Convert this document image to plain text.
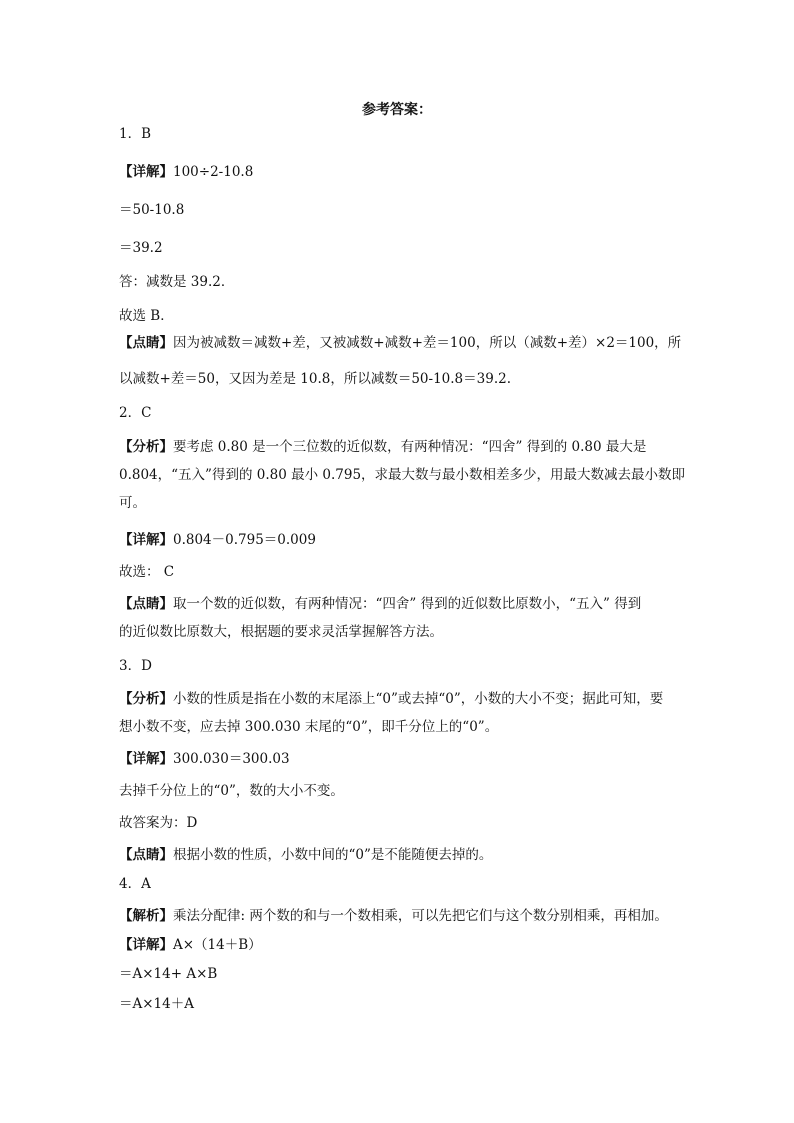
参考答案：
1．B
【详解】100÷2-10.8
＝50-10.8
＝39.2
答：减数是 39.2．
故选 B．
【点睛】因为被减数＝减数+差，又被减数+减数+差＝100，所以（减数+差）×2＝100，所
以减数+差＝50，又因为差是 10.8，所以减数＝50-10.8＝39.2.
2．C
【分析】要考虑 0.80 是一个三位数的近似数，有两种情况：“四舍” 得到的 0.80 最大是
0.804，“五入”得到的 0.80 最小 0.795，求最大数与最小数相差多少，用最大数减去最小数即
可。
【详解】0.804－0.795＝0.009
故选： C
【点睛】取一个数的近似数，有两种情况：“四舍” 得到的近似数比原数小，“五入” 得到
的近似数比原数大，根据题的要求灵活掌握解答方法。
3．D
【分析】小数的性质是指在小数的末尾添上“0”或去掉“0”，小数的大小不变；据此可知，要
想小数不变，应去掉 300.030 末尾的“0”，即千分位上的“0”。
【详解】300.030＝300.03
去掉千分位上的“0”，数的大小不变。
故答案为：D
【点睛】根据小数的性质，小数中间的“0”是不能随便去掉的。
4．A
【解析】乘法分配律: 两个数的和与一个数相乘，可以先把它们与这个数分别相乘，再相加。
【详解】A×（14＋B）
＝A×14+ A×B
＝A×14＋A
